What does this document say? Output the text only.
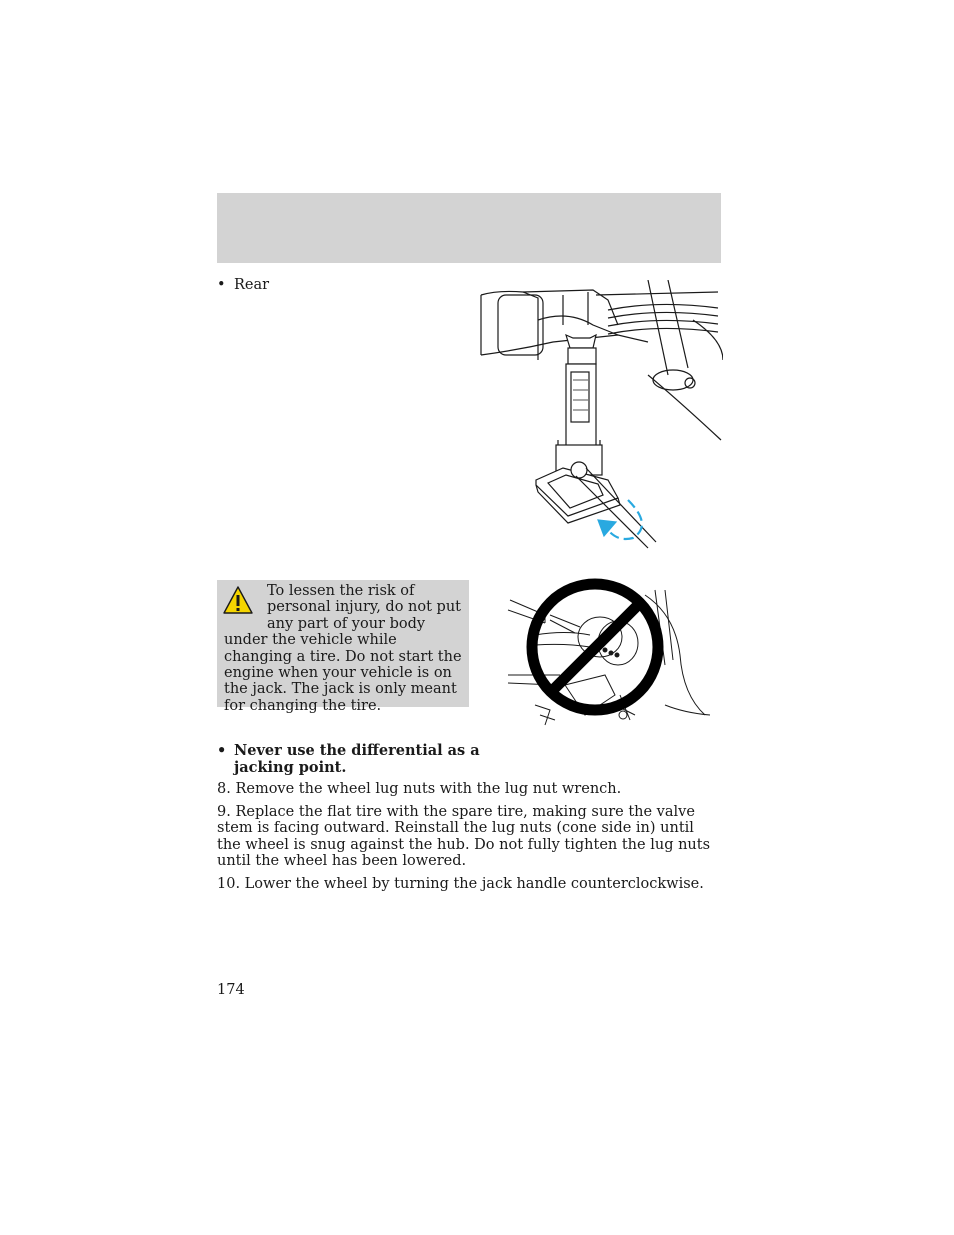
• Rear
To lessen the risk of personal injury, do not put any part of your body under the vehicle while changing a tire. Do not start the engine when your vehicle is on the jack. The jack is only meant for changing the tire.
• Never use the differential as a jacking point.
8. Remove the wheel lug nuts with the lug nut wrench.
9. Replace the flat tire with the spare tire, making sure the valve stem is facing outward. Reinstall the lug nuts (cone side in) until the wheel is snug against the hub. Do not fully tighten the lug nuts until the wheel has been lowered.
10. Lower the wheel by turning the jack handle counterclockwise.
174
